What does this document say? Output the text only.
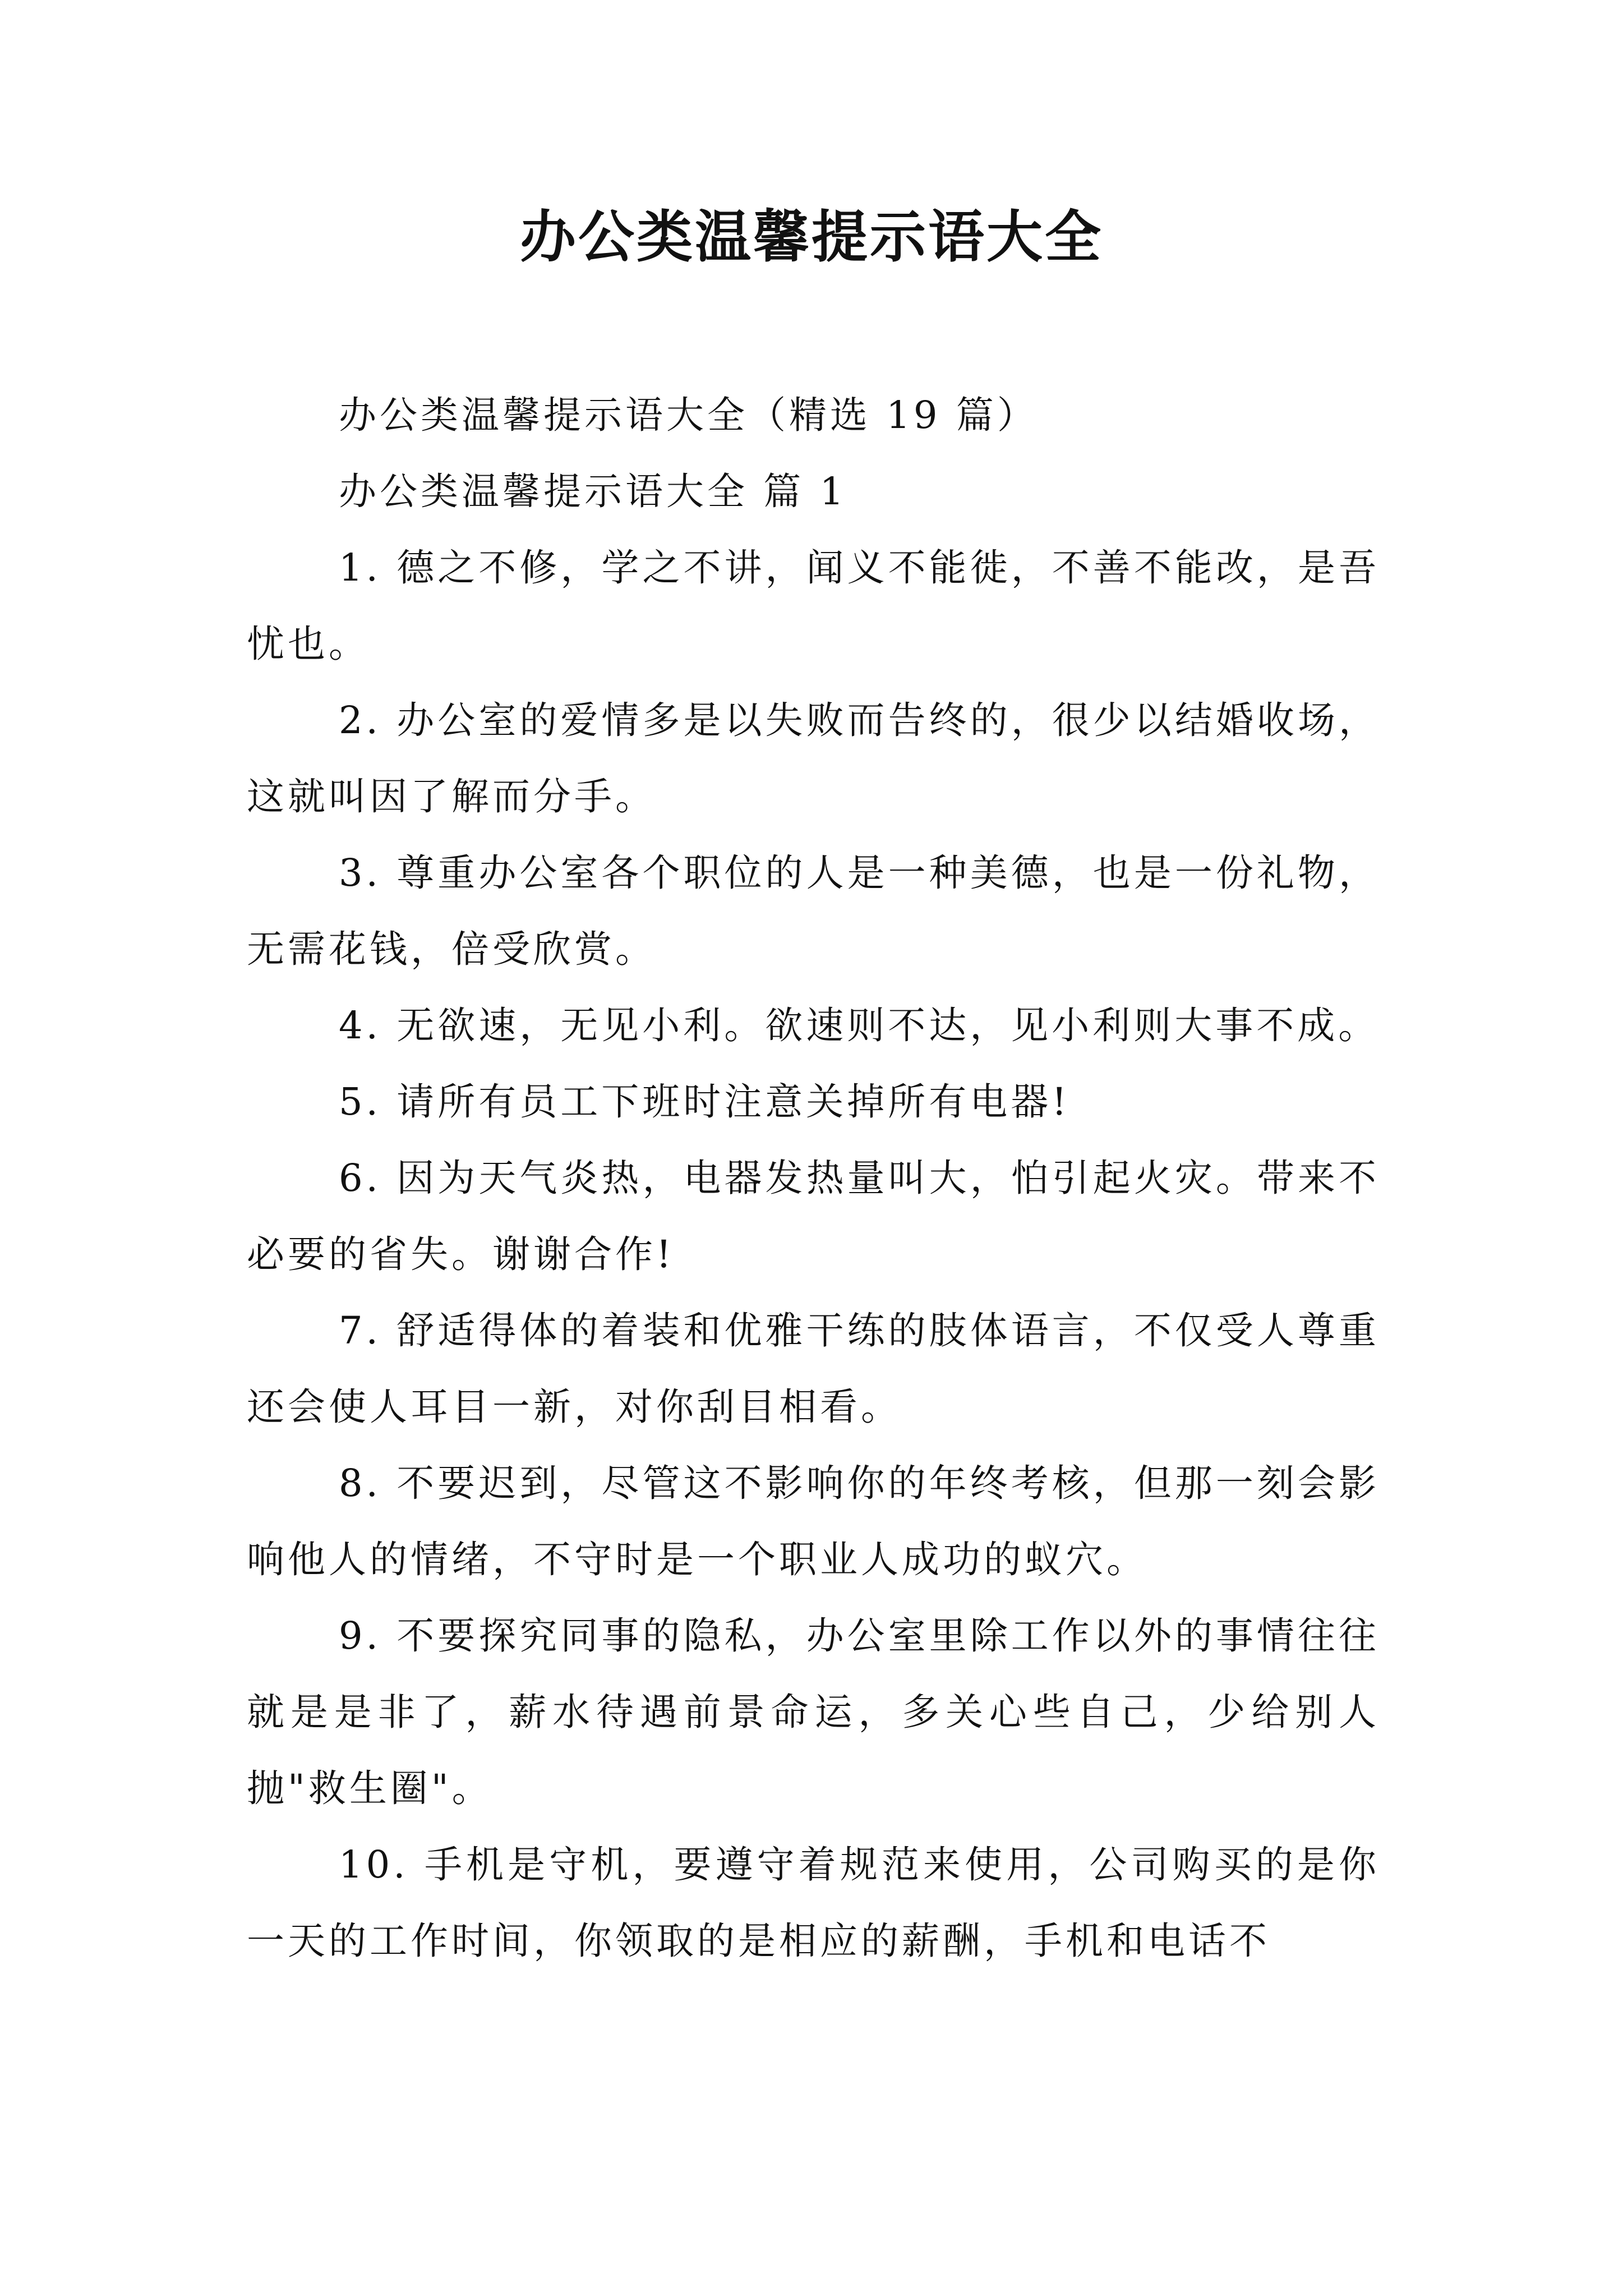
办公类温馨提示语大全

办公类温馨提示语大全（精选 19 篇）

办公类温馨提示语大全 篇 1

1. 德之不修，学之不讲，闻义不能徙，不善不能改，是吾忧也。

2. 办公室的爱情多是以失败而告终的，很少以结婚收场，这就叫因了解而分手。

3. 尊重办公室各个职位的人是一种美德，也是一份礼物，无需花钱，倍受欣赏。

4. 无欲速，无见小利。欲速则不达，见小利则大事不成。

5. 请所有员工下班时注意关掉所有电器!

6. 因为天气炎热，电器发热量叫大，怕引起火灾。带来不必要的省失。谢谢合作!

7. 舒适得体的着装和优雅干练的肢体语言，不仅受人尊重还会使人耳目一新，对你刮目相看。

8. 不要迟到，尽管这不影响你的年终考核，但那一刻会影响他人的情绪，不守时是一个职业人成功的蚁穴。

9. 不要探究同事的隐私，办公室里除工作以外的事情往往就是是非了，薪水待遇前景命运，多关心些自己，少给别人抛"救生圈"。

10. 手机是守机，要遵守着规范来使用，公司购买的是你一天的工作时间，你领取的是相应的薪酬，手机和电话不
